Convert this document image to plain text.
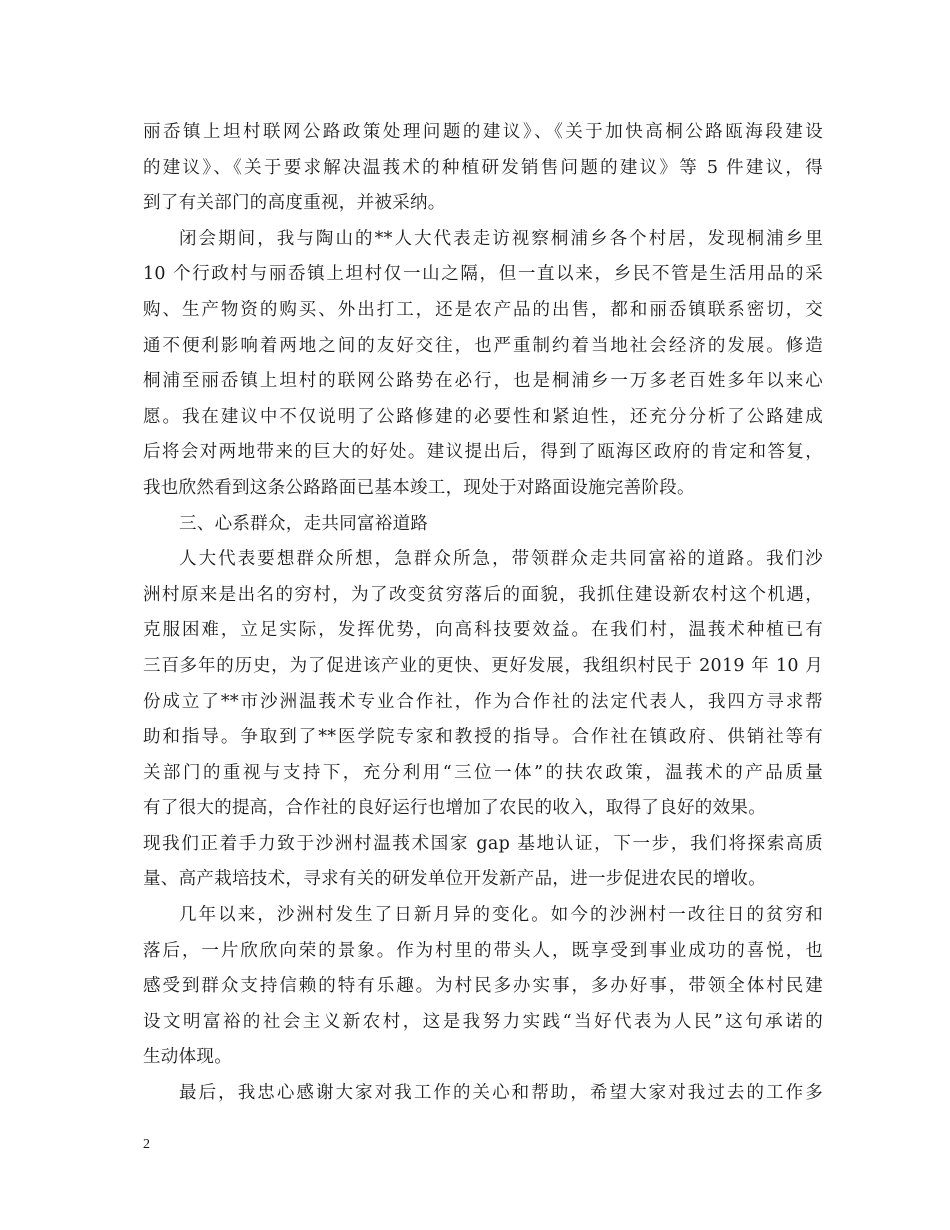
丽岙镇上坦村联网公路政策处理问题的建议》、《关于加快高桐公路瓯海段建设
的建议》、《关于要求解决温莪术的种植研发销售问题的建议》等 5 件建议，得
到了有关部门的高度重视，并被采纳。
闭会期间，我与陶山的**人大代表走访视察桐浦乡各个村居，发现桐浦乡里
10 个行政村与丽岙镇上坦村仅一山之隔，但一直以来，乡民不管是生活用品的采
购、生产物资的购买、外出打工，还是农产品的出售，都和丽岙镇联系密切，交
通不便利影响着两地之间的友好交往，也严重制约着当地社会经济的发展。修造
桐浦至丽岙镇上坦村的联网公路势在必行，也是桐浦乡一万多老百姓多年以来心
愿。我在建议中不仅说明了公路修建的必要性和紧迫性，还充分分析了公路建成
后将会对两地带来的巨大的好处。建议提出后，得到了瓯海区政府的肯定和答复，
我也欣然看到这条公路路面已基本竣工，现处于对路面设施完善阶段。
三、心系群众，走共同富裕道路
人大代表要想群众所想，急群众所急，带领群众走共同富裕的道路。我们沙
洲村原来是出名的穷村，为了改变贫穷落后的面貌，我抓住建设新农村这个机遇，
克服困难，立足实际，发挥优势，向高科技要效益。在我们村，温莪术种植已有
三百多年的历史，为了促进该产业的更快、更好发展，我组织村民于 2019 年 10 月
份成立了**市沙洲温莪术专业合作社，作为合作社的法定代表人，我四方寻求帮
助和指导。争取到了**医学院专家和教授的指导。合作社在镇政府、供销社等有
关部门的重视与支持下，充分利用“三位一体”的扶农政策，温莪术的产品质量
有了很大的提高，合作社的良好运行也增加了农民的收入，取得了良好的效果。
现我们正着手力致于沙洲村温莪术国家 gap 基地认证，下一步，我们将探索高质
量、高产栽培技术，寻求有关的研发单位开发新产品，进一步促进农民的增收。
几年以来，沙洲村发生了日新月异的变化。如今的沙洲村一改往日的贫穷和
落后，一片欣欣向荣的景象。作为村里的带头人，既享受到事业成功的喜悦，也
感受到群众支持信赖的特有乐趣。为村民多办实事，多办好事，带领全体村民建
设文明富裕的社会主义新农村，这是我努力实践“当好代表为人民”这句承诺的
生动体现。
最后，我忠心感谢大家对我工作的关心和帮助，希望大家对我过去的工作多
2
